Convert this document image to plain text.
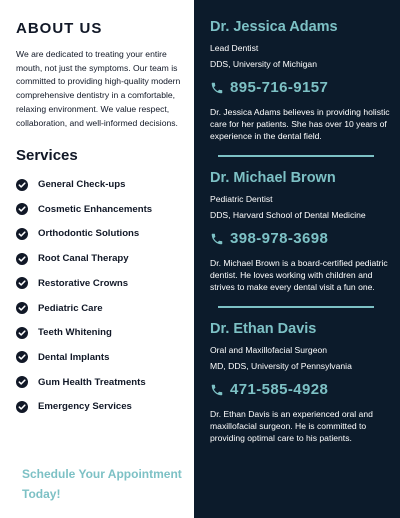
ABOUT US

We are dedicated to treating your entire mouth, not just the symptoms. Our team is committed to providing high-quality modern comprehensive dentistry in a comfortable, relaxing environment. We value respect, collaboration, and well-informed decisions.

Services
General Check-ups
Cosmetic Enhancements
Orthodontic Solutions
Root Canal Therapy
Restorative Crowns
Pediatric Care
Teeth Whitening
Dental Implants
Gum Health Treatments
Emergency Services
Schedule Your Appointment Today!
Dr. Jessica Adams
Lead Dentist
DDS, University of Michigan
895-716-9157

Dr. Jessica Adams believes in providing holistic care for her patients. She has over 10 years of experience in the dental field.

Dr. Michael Brown
Pediatric Dentist
DDS, Harvard School of Dental Medicine
398-978-3698

Dr. Michael Brown is a board-certified pediatric dentist. He loves working with children and strives to make every dental visit a fun one.

Dr. Ethan Davis
Oral and Maxillofacial Surgeon
MD, DDS, University of Pennsylvania
471-585-4928

Dr. Ethan Davis is an experienced oral and maxillofacial surgeon. He is committed to providing optimal care to his patients.
